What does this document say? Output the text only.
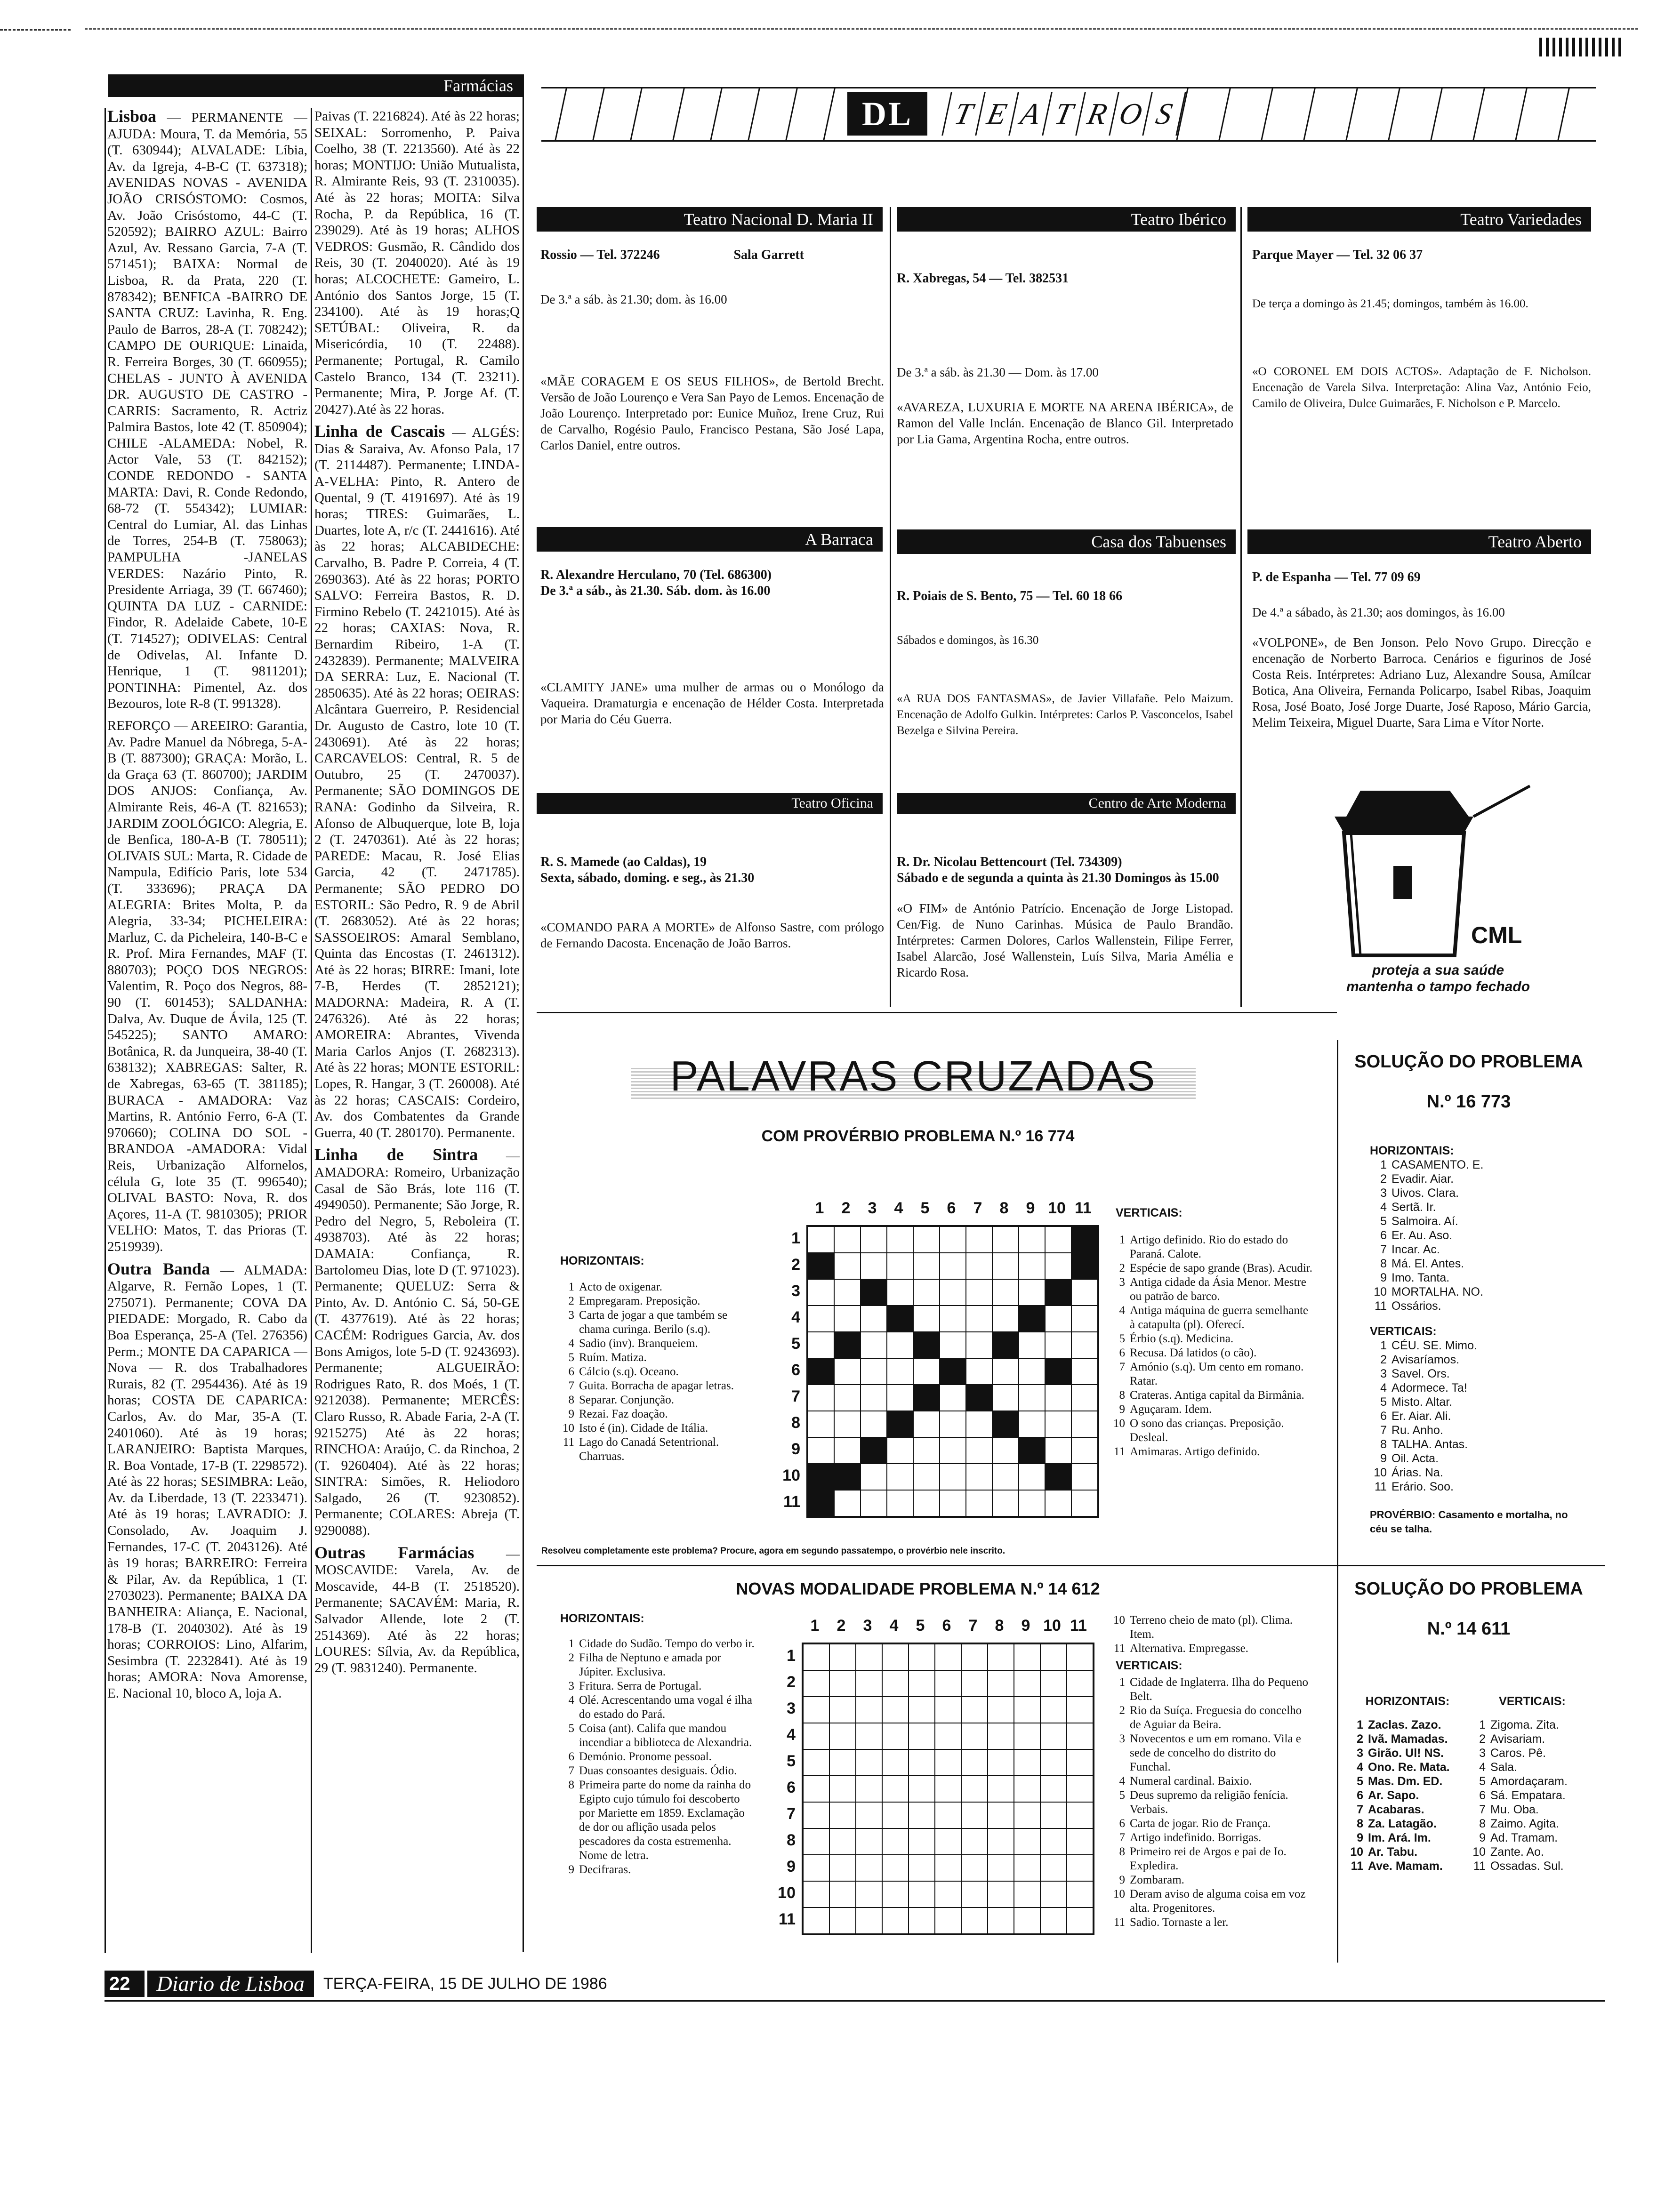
Farmácias

Lisboa — PERMANENTE — AJUDA: Moura, T. da Memória, 55 (T. 630944); ALVALADE: Líbia, Av. da Igreja, 4-B-C (T. 637318); AVENIDAS NOVAS - AVENIDA JOÃO CRISÓSTOMO: Cosmos, Av. João Crisóstomo, 44-C (T. 520592); BAIRRO AZUL: Bairro Azul, Av. Ressano Garcia, 7-A (T. 571451); BAIXA: Normal de Lisboa, R. da Prata, 220 (T. 878342); BENFICA -BAIRRO DE SANTA CRUZ: Lavinha, R. Eng. Paulo de Barros, 28-A (T. 708242); CAMPO DE OURIQUE: Linaida, R. Ferreira Borges, 30 (T. 660955); CHELAS - JUNTO À AVENIDA DR. AUGUSTO DE CASTRO - CARRIS: Sacramento, R. Actriz Palmira Bastos, lote 42 (T. 850904); CHILE -ALAMEDA: Nobel, R. Actor Vale, 53 (T. 842152); CONDE REDONDO - SANTA MARTA: Davi, R. Conde Redondo, 68-72 (T. 554342); LUMIAR: Central do Lumiar, Al. das Linhas de Torres, 254-B (T. 758063); PAMPULHA -JANELAS VERDES: Nazário Pinto, R. Presidente Arriaga, 39 (T. 667460); QUINTA DA LUZ - CARNIDE: Findor, R. Adelaide Cabete, 10-E (T. 714527); ODIVELAS: Central de Odivelas, Al. Infante D. Henrique, 1 (T. 9811201); PONTINHA: Pimentel, Az. dos Bezouros, lote R-8 (T. 991328).

REFORÇO — AREEIRO: Garantia, Av. Padre Manuel da Nóbrega, 5-A-B (T. 887300); GRAÇA: Morão, L. da Graça 63 (T. 860700); JARDIM DOS ANJOS: Confiança, Av. Almirante Reis, 46-A (T. 821653); JARDIM ZOOLÓGICO: Alegria, E. de Benfica, 180-A-B (T. 780511); OLIVAIS SUL: Marta, R. Cidade de Nampula, Edifício Paris, lote 534 (T. 333696); PRAÇA DA ALEGRIA: Brites Molta, P. da Alegria, 33-34; PICHELEIRA: Marluz, C. da Picheleira, 140-B-C e R. Prof. Mira Fernandes, MAF (T. 880703); POÇO DOS NEGROS: Valentim, R. Poço dos Negros, 88-90 (T. 601453); SALDANHA: Dalva, Av. Duque de Ávila, 125 (T. 545225); SANTO AMARO: Botânica, R. da Junqueira, 38-40 (T. 638132); XABREGAS: Salter, R. de Xabregas, 63-65 (T. 381185); BURACA - AMADORA: Vaz Martins, R. António Ferro, 6-A (T. 970660); COLINA DO SOL - BRANDOA -AMADORA: Vidal Reis, Urbanização Alfornelos, célula G, lote 35 (T. 996540); OLIVAL BASTO: Nova, R. dos Açores, 11-A (T. 9810305); PRIOR VELHO: Matos, T. das Prioras (T. 2519939).

Outra Banda — ALMADA: Algarve, R. Fernão Lopes, 1 (T. 275071). Permanente; COVA DA PIEDADE: Morgado, R. Cabo da Boa Esperança, 25-A (Tel. 276356) Perm.; MONTE DA CAPARICA — Nova — R. dos Trabalhadores Rurais, 82 (T. 2954436). Até às 19 horas; COSTA DE CAPARICA: Carlos, Av. do Mar, 35-A (T. 2401060). Até às 19 horas; LARANJEIRO: Baptista Marques, R. Boa Vontade, 17-B (T. 2298572). Até às 22 horas; SESIMBRA: Leão, Av. da Liberdade, 13 (T. 2233471). Até às 19 horas; LAVRADIO: J. Consolado, Av. Joaquim J. Fernandes, 17-C (T. 2043126). Até às 19 horas; BARREIRO: Ferreira & Pilar, Av. da República, 1 (T. 2703023). Permanente; BAIXA DA BANHEIRA: Aliança, E. Nacional, 178-B (T. 2040302). Até às 19 horas; CORROIOS: Lino, Alfarim, Sesimbra (T. 2232841). Até às 19 horas; AMORA: Nova Amorense, E. Nacional 10, bloco A, loja A.

Paivas (T. 2216824). Até às 22 horas; SEIXAL: Sorromenho, P. Paiva Coelho, 38 (T. 2213560). Até às 22 horas; MONTIJO: União Mutualista, R. Almirante Reis, 93 (T. 2310035). Até às 22 horas; MOITA: Silva Rocha, P. da República, 16 (T. 239029). Até às 19 horas; ALHOS VEDROS: Gusmão, R. Cândido dos Reis, 30 (T. 2040020). Até às 19 horas; ALCOCHETE: Gameiro, L. António dos Santos Jorge, 15 (T. 234100). Até às 19 horas;Q SETÚBAL: Oliveira, R. da Misericórdia, 10 (T. 22488). Permanente; Portugal, R. Camilo Castelo Branco, 134 (T. 23211). Permanente; Mira, P. Jorge Af. (T. 20427).Até às 22 horas.

Linha de Cascais — ALGÉS: Dias & Saraiva, Av. Afonso Pala, 17 (T. 2114487). Permanente; LINDA-A-VELHA: Pinto, R. Antero de Quental, 9 (T. 4191697). Até às 19 horas; TIRES: Guimarães, L. Duartes, lote A, r/c (T. 2441616). Até às 22 horas; ALCABIDECHE: Carvalho, B. Padre P. Correia, 4 (T. 2690363). Até às 22 horas; PORTO SALVO: Ferreira Bastos, R. D. Firmino Rebelo (T. 2421015). Até às 22 horas; CAXIAS: Nova, R. Bernardim Ribeiro, 1-A (T. 2432839). Permanente; MALVEIRA DA SERRA: Luz, E. Nacional (T. 2850635). Até às 22 horas; OEIRAS: Alcântara Guerreiro, P. Residencial Dr. Augusto de Castro, lote 10 (T. 2430691). Até às 22 horas; CARCAVELOS: Central, R. 5 de Outubro, 25 (T. 2470037). Permanente; SÃO DOMINGOS DE RANA: Godinho da Silveira, R. Afonso de Albuquerque, lote B, loja 2 (T. 2470361). Até às 22 horas; PAREDE: Macau, R. José Elias Garcia, 42 (T. 2471785). Permanente; SÃO PEDRO DO ESTORIL: São Pedro, R. 9 de Abril (T. 2683052). Até às 22 horas; SASSOEIROS: Amaral Semblano, Quinta das Encostas (T. 2461312). Até às 22 horas; BIRRE: Imani, lote 7-B, Herdes (T. 2852121); MADORNA: Madeira, R. A (T. 2476326). Até às 22 horas; AMOREIRA: Abrantes, Vivenda Maria Carlos Anjos (T. 2682313). Até às 22 horas; MONTE ESTORIL: Lopes, R. Hangar, 3 (T. 260008). Até às 22 horas; CASCAIS: Cordeiro, Av. dos Combatentes da Grande Guerra, 40 (T. 280170). Permanente.

Linha de Sintra — AMADORA: Romeiro, Urbanização Casal de São Brás, lote 116 (T. 4949050). Permanente; São Jorge, R. Pedro del Negro, 5, Reboleira (T. 4938703). Até às 22 horas; DAMAIA: Confiança, R. Bartolomeu Dias, lote D (T. 971023). Permanente; QUELUZ: Serra & Pinto, Av. D. António C. Sá, 50-GE (T. 4377619). Até às 22 horas; CACÉM: Rodrigues Garcia, Av. dos Bons Amigos, lote 5-D (T. 9243693). Permanente; ALGUEIRÃO: Rodrigues Rato, R. dos Moés, 1 (T. 9212038). Permanente; MERCÊS: Claro Russo, R. Abade Faria, 2-A (T. 9215275) Até às 22 horas; RINCHOA: Araújo, C. da Rinchoa, 2 (T. 9260404). Até às 22 horas; SINTRA: Simões, R. Heliodoro Salgado, 26 (T. 9230852). Permanente; COLARES: Abreja (T. 9290088).

Outras Farmácias — MOSCAVIDE: Varela, Av. de Moscavide, 44-B (T. 2518520). Permanente; SACAVÉM: Maria, R. Salvador Allende, lote 2 (T. 2514369). Até às 22 horas; LOURES: Sílvia, Av. da República, 29 (T. 9831240). Permanente.

DL	T E A T R O S
Teatro Nacional D. Maria II	Teatro Ibérico	Teatro Variedades
Rossio — Tel. 372246	Sala Garrett
De 3.ª a sáb. às 21.30; dom. às 16.00
«MÃE CORAGEM E OS SEUS FILHOS», de Bertold Brecht. Versão de João Lourenço e Vera San Payo de Lemos. Encenação de João Lourenço. Interpretado por: Eunice Muñoz, Irene Cruz, Rui de Carvalho, Rogésio Paulo, Francisco Pestana, São José Lapa, Carlos Daniel, entre outros.
R. Xabregas, 54 — Tel. 382531
De 3.ª a sáb. às 21.30 — Dom. às 17.00
«AVAREZA, LUXURIA E MORTE NA ARENA IBÉRICA», de Ramon del Valle Inclán. Encenação de Blanco Gil. Interpretado por Lia Gama, Argentina Rocha, entre outros.
Parque Mayer — Tel. 32 06 37
De terça a domingo às 21.45; domingos, também às 16.00.
«O CORONEL EM DOIS ACTOS». Adaptação de F. Nicholson. Encenação de Varela Silva. Interpretação: Alina Vaz, António Feio, Camilo de Oliveira, Dulce Guimarães, F. Nicholson e P. Marcelo.
A Barraca	Casa dos Tabuenses	Teatro Aberto
R. Alexandre Herculano, 70 (Tel. 686300)
De 3.ª a sáb., às 21.30. Sáb. dom. às 16.00
«CLAMITY JANE» uma mulher de armas ou o Monólogo da Vaqueira. Dramaturgia e encenação de Hélder Costa. Interpretada por Maria do Céu Guerra.
R. Poiais de S. Bento, 75 — Tel. 60 18 66
Sábados e domingos, às 16.30
«A RUA DOS FANTASMAS», de Javier Villafañe. Pelo Maizum. Encenação de Adolfo Gulkin. Intérpretes: Carlos P. Vasconcelos, Isabel Bezelga e Silvina Pereira.
P. de Espanha — Tel. 77 09 69
De 4.ª a sábado, às 21.30; aos domingos, às 16.00
«VOLPONE», de Ben Jonson. Pelo Novo Grupo. Direcção e encenação de Norberto Barroca. Cenários e figurinos de José Costa Reis. Intérpretes: Adriano Luz, Alexandre Sousa, Amílcar Botica, Ana Oliveira, Fernanda Policarpo, Isabel Ribas, Joaquim Rosa, José Boato, José Jorge Duarte, José Raposo, Mário Garcia, Melim Teixeira, Miguel Duarte, Sara Lima e Vítor Norte.
Teatro Oficina	Centro de Arte Moderna
R. S. Mamede (ao Caldas), 19
Sexta, sábado, doming. e seg., às 21.30
«COMANDO PARA A MORTE» de Alfonso Sastre, com prólogo de Fernando Dacosta. Encenação de João Barros.
R. Dr. Nicolau Bettencourt (Tel. 734309)
Sábado e de segunda a quinta às 21.30 Domingos às 15.00
«O FIM» de António Patrício. Encenação de Jorge Listopad. Cen/Fig. de Nuno Carinhas. Música de Paulo Brandão. Intérpretes: Carmen Dolores, Carlos Wallenstein, Filipe Ferrer, Isabel Alarcão, José Wallenstein, Luís Silva, Maria Amélia e Ricardo Rosa.
CML
proteja a sua saúde
mantenha o tampo fechado
PALAVRAS CRUZADAS
COM PROVÉRBIO PROBLEMA N.º 16 774
1	2	3	4	5	6	7	8	9 10 11
1
2
3
4
5
6
7
8
9
10
11
HORIZONTAIS:
1 Acto de oxigenar.
2 Empregaram. Preposição.
3 Carta de jogar a que também se chama curinga. Berilo (s.q).
4 Sadio (inv). Branqueiem.
5 Ruím. Matiza.
6 Cálcio (s.q). Oceano.
7 Guita. Borracha de apagar letras.
8 Separar. Conjunção.
9 Rezai. Faz doação.
10 Isto é (in). Cidade de Itália.
11 Lago do Canadá Setentrional. Charruas.
VERTICAIS:
1 Artigo definido. Rio do estado do Paraná. Calote.
2 Espécie de sapo grande (Bras). Acudir.
3 Antiga cidade da Ásia Menor. Mestre ou patrão de barco.
4 Antiga máquina de guerra semelhante à catapulta (pl). Oferecí.
5 Érbio (s.q). Medicina.
6 Recusa. Dá latidos (o cão).
7 Amónio (s.q). Um cento em romano. Ratar.
8 Crateras. Antiga capital da Birmânia.
9 Aguçaram. Idem.
10 O sono das crianças. Preposição. Desleal.
11 Amimaras. Artigo definido.
Resolveu completamente este problema? Procure, agora em segundo passatempo, o provérbio nele inscrito.
SOLUÇÃO DO PROBLEMA
N.º 16 773
HORIZONTAIS:
1 CASAMENTO. E.
2 Evadir. Aiar.
3 Uivos. Clara.
4 Sertã. Ir.
5 Salmoira. Aí.
6 Er. Au. Aso.
7 Incar. Ac.
8 Má. El. Antes.
9 Imo. Tanta.
10 MORTALHA. NO.
11 Ossários.
VERTICAIS:
1 CÉU. SE. Mimo.
2 Avisaríamos.
3 Savel. Ors.
4 Adormece. Ta!
5 Misto. Altar.
6 Er. Aiar. Ali.
7 Ru. Anho.
8 TALHA. Antas.
9 Oil. Acta.
10 Árias. Na.
11 Erário. Soo.
PROVÉRBIO: Casamento e mortalha, no céu se talha.
NOVAS MODALIDADE PROBLEMA N.º 14 612
HORIZONTAIS:
1 Cidade do Sudão. Tempo do verbo ir.
2 Filha de Neptuno e amada por Júpiter. Exclusiva.
3 Fritura. Serra de Portugal.
4 Olé. Acrescentando uma vogal é ilha do estado do Pará.
5 Coisa (ant). Califa que mandou incendiar a biblioteca de Alexandria.
6 Demónio. Pronome pessoal.
7 Duas consoantes desiguais. Ódio.
8 Primeira parte do nome da rainha do Egipto cujo túmulo foi descoberto por Mariette em 1859. Exclamação de dor ou aflição usada pelos pescadores da costa estremenha. Nome de letra.
9 Decifraras.
1	2	3	4	5	6	7	8	9 10 11
1
2
3
4
5
6
7
8
9
10
11
10 Terreno cheio de mato (pl). Clima. Item.
11 Alternativa. Empregasse.
VERTICAIS:
1 Cidade de Inglaterra. Ilha do Pequeno Belt.
2 Rio da Suíça. Freguesia do concelho de Aguiar da Beira.
3 Novecentos e um em romano. Vila e sede de concelho do distrito do Funchal.
4 Numeral cardinal. Baixio.
5 Deus supremo da religião fenícia. Verbais.
6 Carta de jogar. Rio de França.
7 Artigo indefinido. Borrigas.
8 Primeiro rei de Argos e pai de Io. Expledira.
9 Zombaram.
10 Deram aviso de alguma coisa em voz alta. Progenitores.
11 Sadio. Tornaste a ler.
SOLUÇÃO DO PROBLEMA
N.º 14 611
HORIZONTAIS:
1 Zaclas. Zazo.
2 Ivã. Mamadas.
3 Girão. Ul! NS.
4 Ono. Re. Mata.
5 Mas. Dm. ED.
6 Ar. Sapo.
7 Acabaras.
8 Za. Latagão.
9 Im. Ará. Im.
10 Ar. Tabu.
11 Ave. Mamam.
VERTICAIS:
1 Zigoma. Zita.
2 Avisariam.
3 Caros. Pê.
4 Sala.
5 Amordaçaram.
6 Sá. Empatara.
7 Mu. Oba.
8 Zaimo. Agita.
9 Ad. Tramam.
10 Zante. Ao.
11 Ossadas. Sul.
22	Diario de Lisboa	TERÇA-FEIRA, 15 DE JULHO DE 1986
